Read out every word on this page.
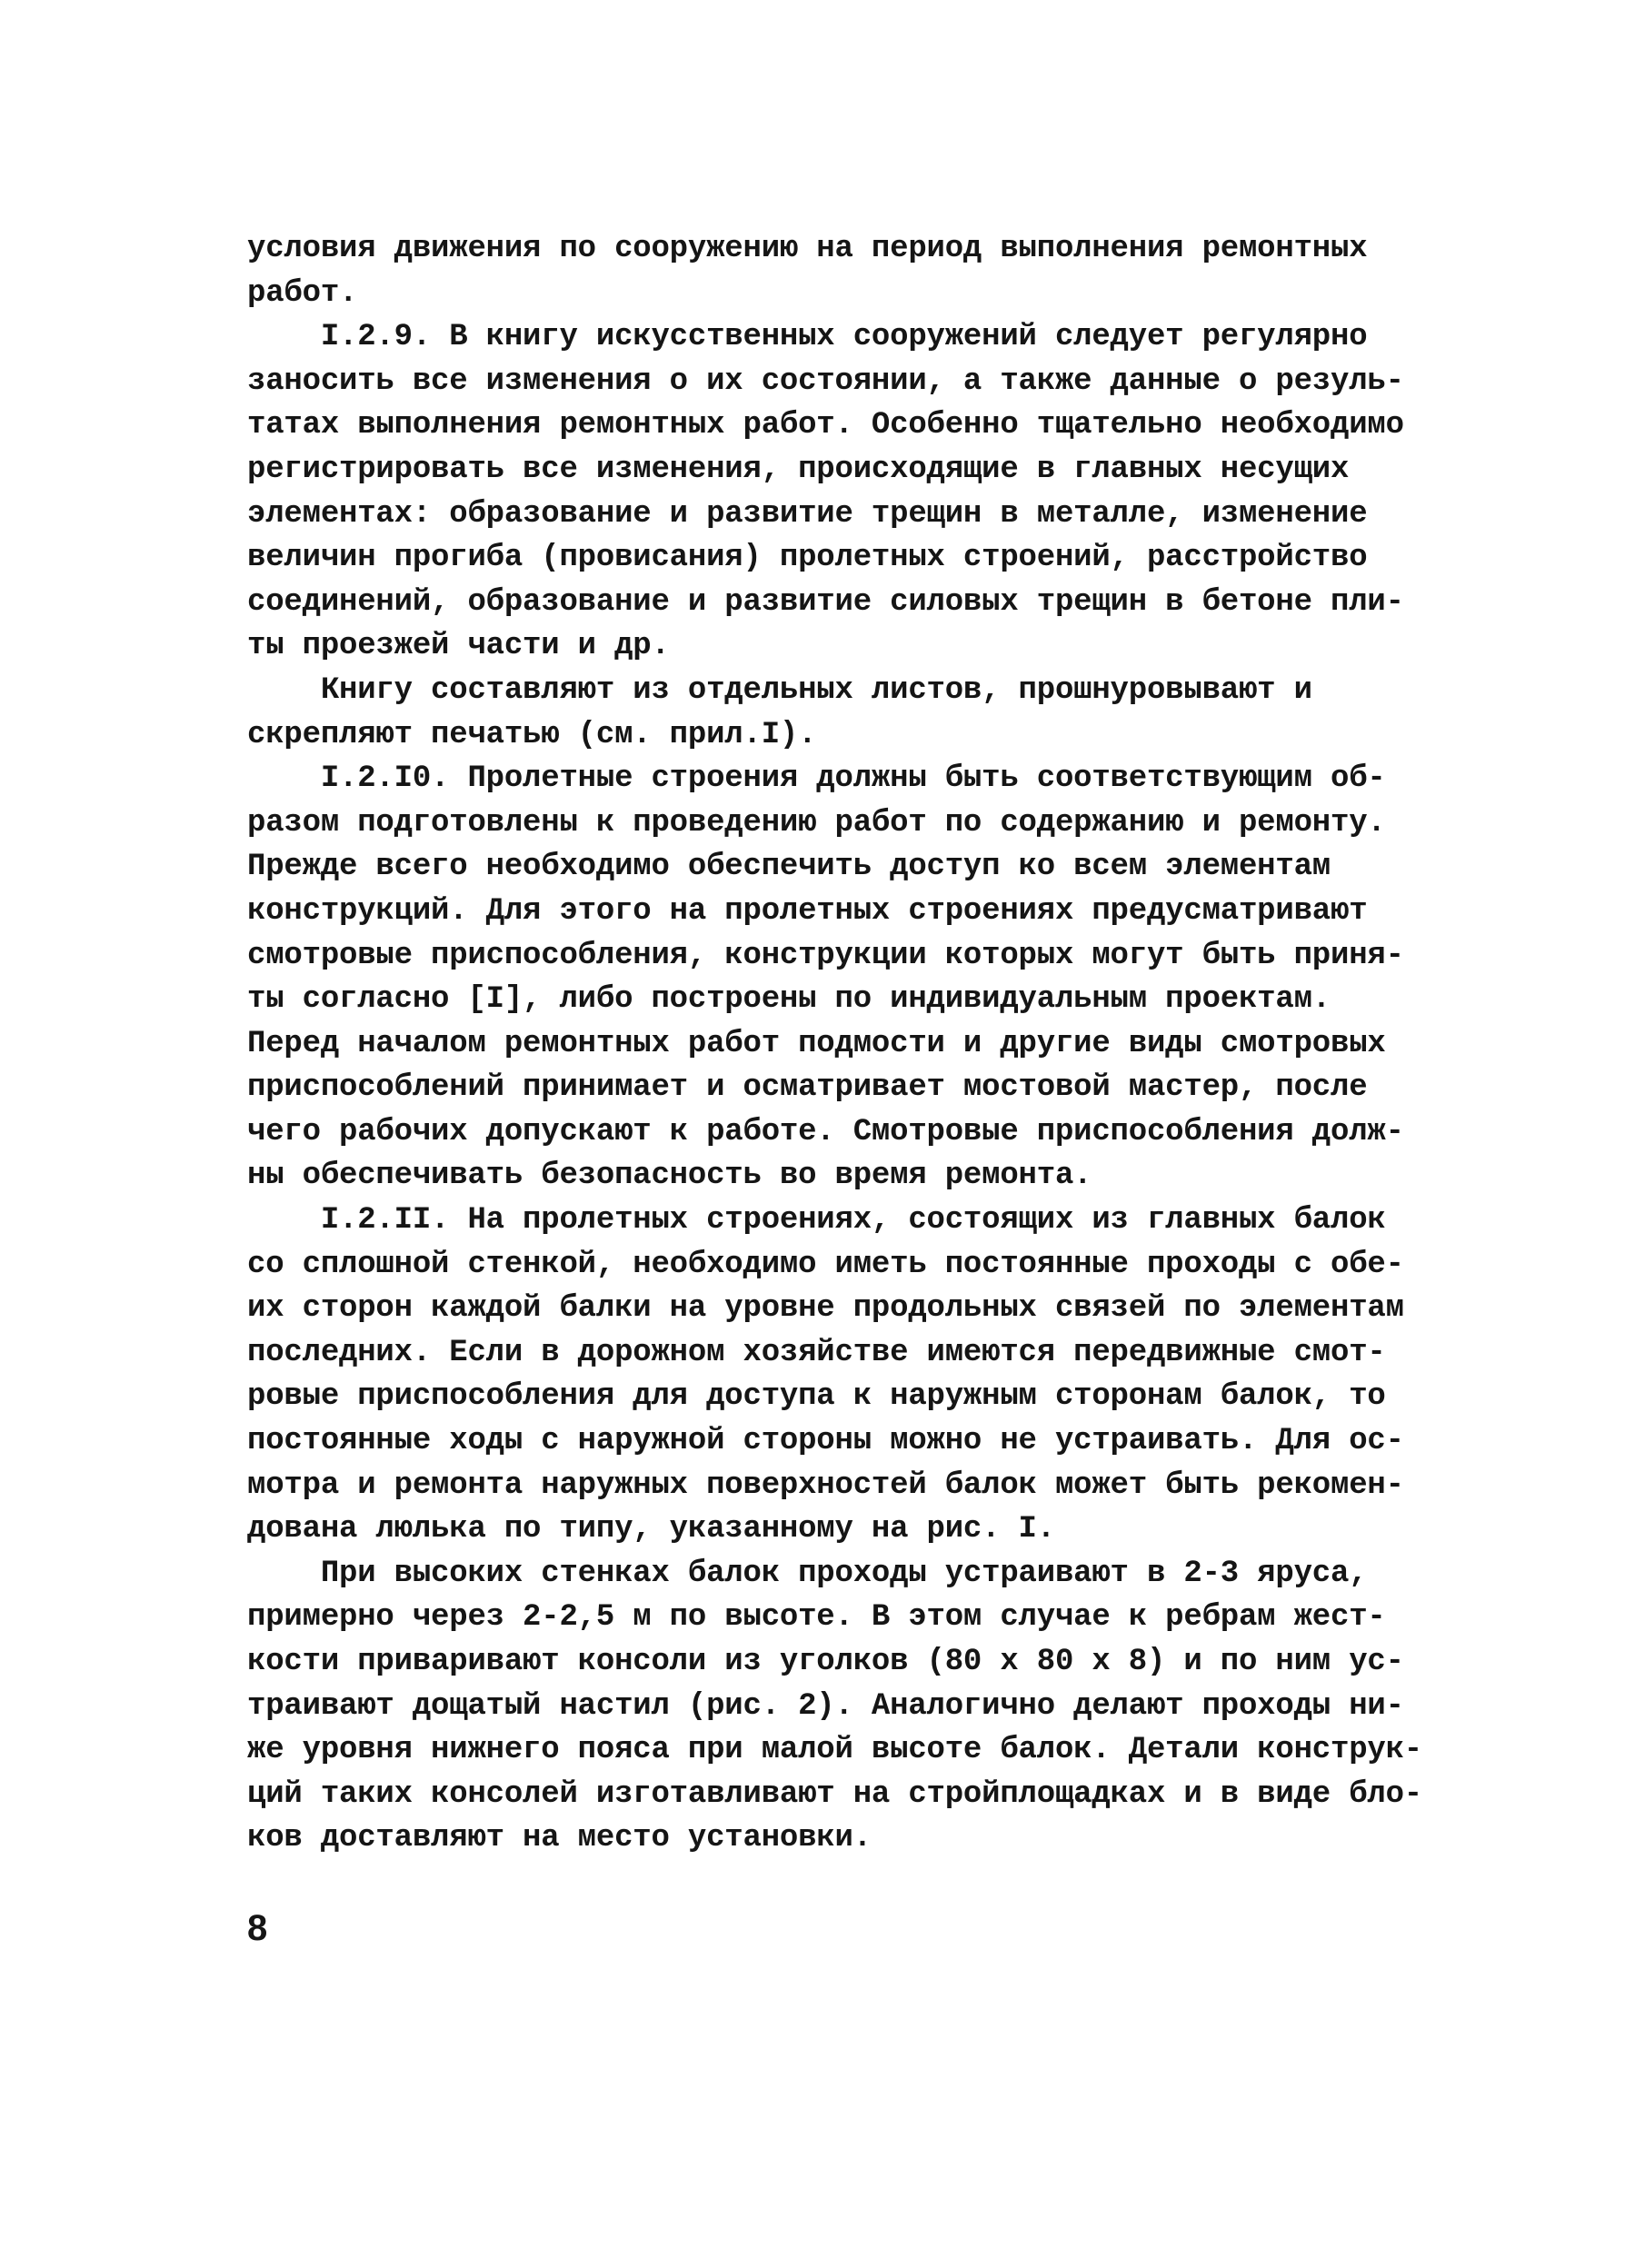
условия движения по сооружению на период выполнения ремонтных
работ.
I.2.9. В книгу искусственных сооружений следует регулярно
заносить все изменения о их состоянии, а также данные о резуль-
татах выполнения ремонтных работ. Особенно тщательно необходимо
регистрировать все изменения, происходящие в главных несущих
элементах: образование и развитие трещин в металле, изменение
величин прогиба (провисания) пролетных строений, расстройство
соединений, образование и развитие силовых трещин в бетоне пли-
ты проезжей части и др.
Книгу составляют из отдельных листов, прошнуровывают и
скрепляют печатью (см. прил.I).
I.2.I0. Пролетные строения должны быть соответствующим об-
разом подготовлены к проведению работ по содержанию и ремонту.
Прежде всего необходимо обеспечить доступ ко всем элементам
конструкций. Для этого на пролетных строениях предусматривают
смотровые приспособления, конструкции которых могут быть приня-
ты согласно [I], либо построены по индивидуальным проектам.
Перед началом ремонтных работ подмости и другие виды смотровых
приспособлений принимает и осматривает мостовой мастер, после
чего рабочих допускают к работе. Смотровые приспособления долж-
ны обеспечивать безопасность во время ремонта.
I.2.II. На пролетных строениях, состоящих из главных балок
со сплошной стенкой, необходимо иметь постоянные проходы с обе-
их сторон каждой балки на уровне продольных связей по элементам
последних. Если в дорожном хозяйстве имеются передвижные смот-
ровые приспособления для доступа к наружным сторонам балок, то
постоянные ходы с наружной стороны можно не устраивать. Для ос-
мотра и ремонта наружных поверхностей балок может быть рекомен-
дована люлька по типу, указанному на рис. I.
При высоких стенках балок проходы устраивают в 2-3 яруса,
примерно через 2-2,5 м по высоте. В этом случае к ребрам жест-
кости приваривают консоли из уголков (80 х 80 х 8) и по ним ус-
траивают дощатый настил (рис. 2). Аналогично делают проходы ни-
же уровня нижнего пояса при малой высоте балок. Детали конструк-
ций таких консолей изготавливают на стройплощадках и в виде бло-
ков доставляют на место установки.
8
